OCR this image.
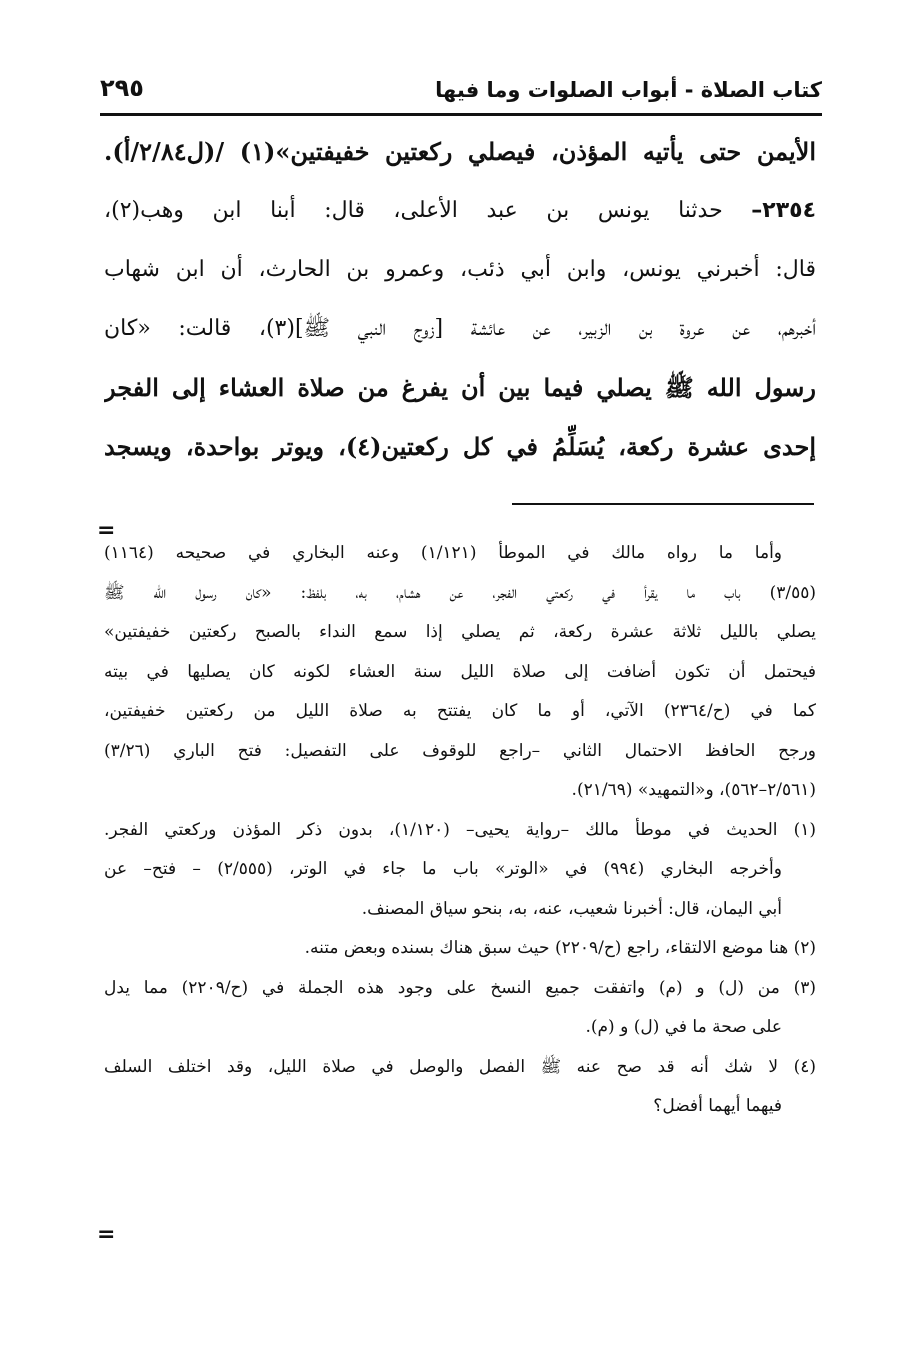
كتاب الصلاة - أبواب الصلوات وما فيها
٢٩٥
الأيمن حتى يأتيه المؤذن، فيصلي ركعتين خفيفتين»(١) /(ل٢/٨٤/أ).
٢٣٥٤– حدثنا يونس بن عبد الأعلى، قال: أبنا ابن وهب(٢)،
قال: أخبرني يونس، وابن أبي ذئب، وعمرو بن الحارث، أن ابن شهاب
أخبرهم، عن عروة بن الزبير، عن عائشة [زوج النبي ﷺ](٣)، قالت: «كان
رسول الله ﷺ يصلي فيما بين أن يفرغ من صلاة العشاء إلى الفجر
إحدى عشرة ركعة، يُسَلِّمُ في كل ركعتين(٤)، ويوتر بواحدة، ويسجد
=
وأما ما رواه مالك في الموطأ (١/١٢١) وعنه البخاري في صحيحه (١١٦٤)
(٣/٥٥) باب ما يقرأ في ركعتي الفجر، عن هشام، به، بلفظ: «كان رسول الله ﷺ
يصلي بالليل ثلاثة عشرة ركعة، ثم يصلي إذا سمع النداء بالصبح ركعتين خفيفتين»
فيحتمل أن تكون أضافت إلى صلاة الليل سنة العشاء لكونه كان يصليها في بيته
كما في (ح/٢٣٦٤) الآتي، أو ما كان يفتتح به صلاة الليل من ركعتين خفيفتين،
ورجح الحافظ الاحتمال الثاني –راجع للوقوف على التفصيل: فتح الباري (٣/٢٦)
(٢/٥٦١–٥٦٢)، و«التمهيد» (٢١/٦٩).
(١) الحديث في موطأ مالك –رواية يحيى– (١/١٢٠)، بدون ذكر المؤذن وركعتي الفجر.
وأخرجه البخاري (٩٩٤) في «الوتر» باب ما جاء في الوتر، (٢/٥٥٥) – فتح– عن
أبي اليمان، قال: أخبرنا شعيب، عنه، به، بنحو سياق المصنف.
(٢) هنا موضع الالتقاء، راجع (ح/٢٢٠٩) حيث سبق هناك بسنده وبعض متنه.
(٣) من (ل) و (م) واتفقت جميع النسخ على وجود هذه الجملة في (ح/٢٢٠٩) مما يدل
على صحة ما في (ل) و (م).
(٤) لا شك أنه قد صح عنه ﷺ الفصل والوصل في صلاة الليل، وقد اختلف السلف
فيهما أيهما أفضل؟
=
